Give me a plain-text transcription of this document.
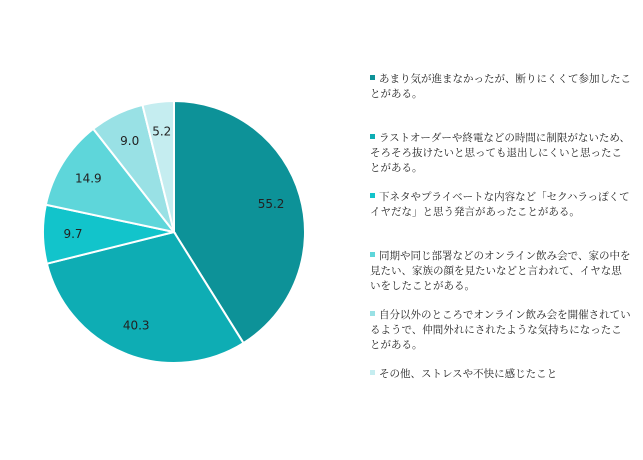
55.2
40.3
9.7
14.9
9.0
5.2
あまり気が進まなかったが、断りにくくて参加したことがある。
ラストオーダーや終電などの時間に制限がないため、そろそろ抜けたいと思っても退出しにくいと思ったことがある。
下ネタやプライベートな内容など「セクハラっぽくてイヤだな」と思う発言があったことがある。
同期や同じ部署などのオンライン飲み会で、家の中を見たい、家族の顔を見たいなどと言われて、イヤな思いをしたことがある。
自分以外のところでオンライン飲み会を開催されているようで、仲間外れにされたような気持ちになったことがある。
その他、ストレスや不快に感じたこと
